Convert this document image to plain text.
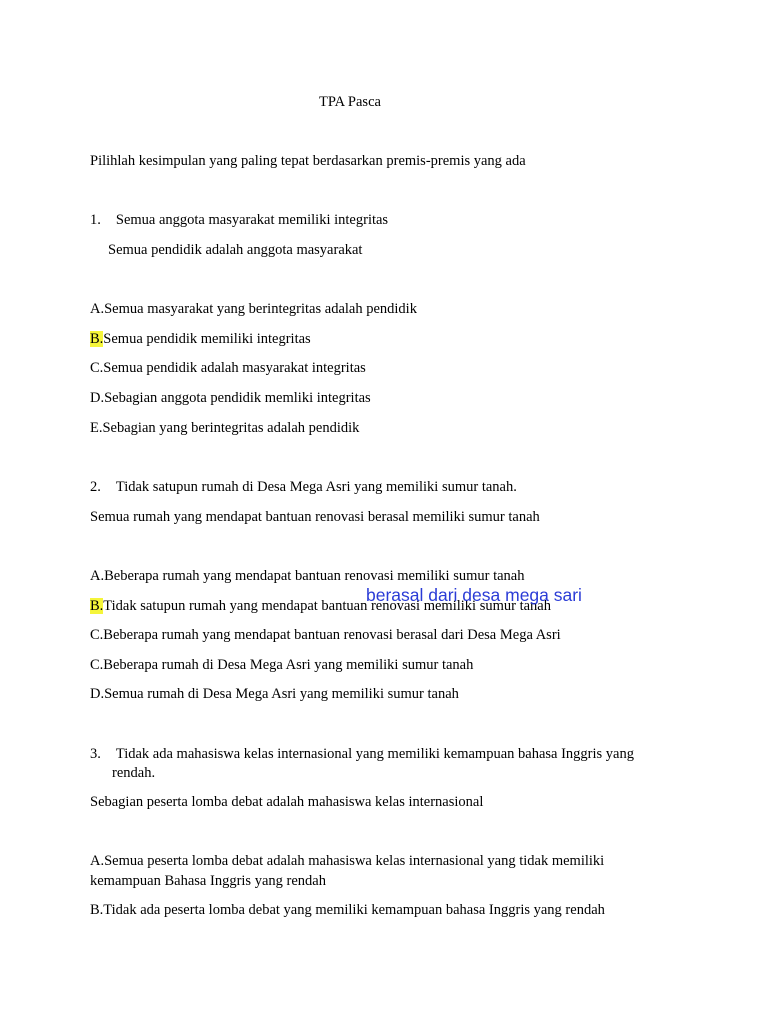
TPA Pasca
Pilihlah kesimpulan yang paling tepat berdasarkan premis-premis yang ada
1. Semua anggota masyarakat memiliki integritas
Semua pendidik adalah anggota masyarakat
A.Semua masyarakat yang berintegritas adalah pendidik
B.Semua pendidik memiliki integritas
C.Semua pendidik adalah masyarakat integritas
D.Sebagian anggota pendidik memliki integritas
E.Sebagian yang berintegritas adalah pendidik
2. Tidak satupun rumah di Desa Mega Asri yang memiliki sumur tanah.
Semua rumah yang mendapat bantuan renovasi berasal memiliki sumur tanah
A.Beberapa rumah yang mendapat bantuan renovasi memiliki sumur tanah
B.Tidak satupun rumah yang mendapat bantuan renovasi memiliki sumur tanah
berasal dari desa mega sari
C.Beberapa rumah yang mendapat bantuan renovasi berasal dari Desa Mega Asri
C.Beberapa rumah di Desa Mega Asri yang memiliki sumur tanah
D.Semua rumah di Desa Mega Asri yang memiliki sumur tanah
3. Tidak ada mahasiswa kelas internasional yang memiliki kemampuan bahasa Inggris yang
rendah.
Sebagian peserta lomba debat adalah mahasiswa kelas internasional
A.Semua peserta lomba debat adalah mahasiswa kelas internasional yang tidak memiliki
kemampuan Bahasa Inggris yang rendah
B.Tidak ada peserta lomba debat yang memiliki kemampuan bahasa Inggris yang rendah
